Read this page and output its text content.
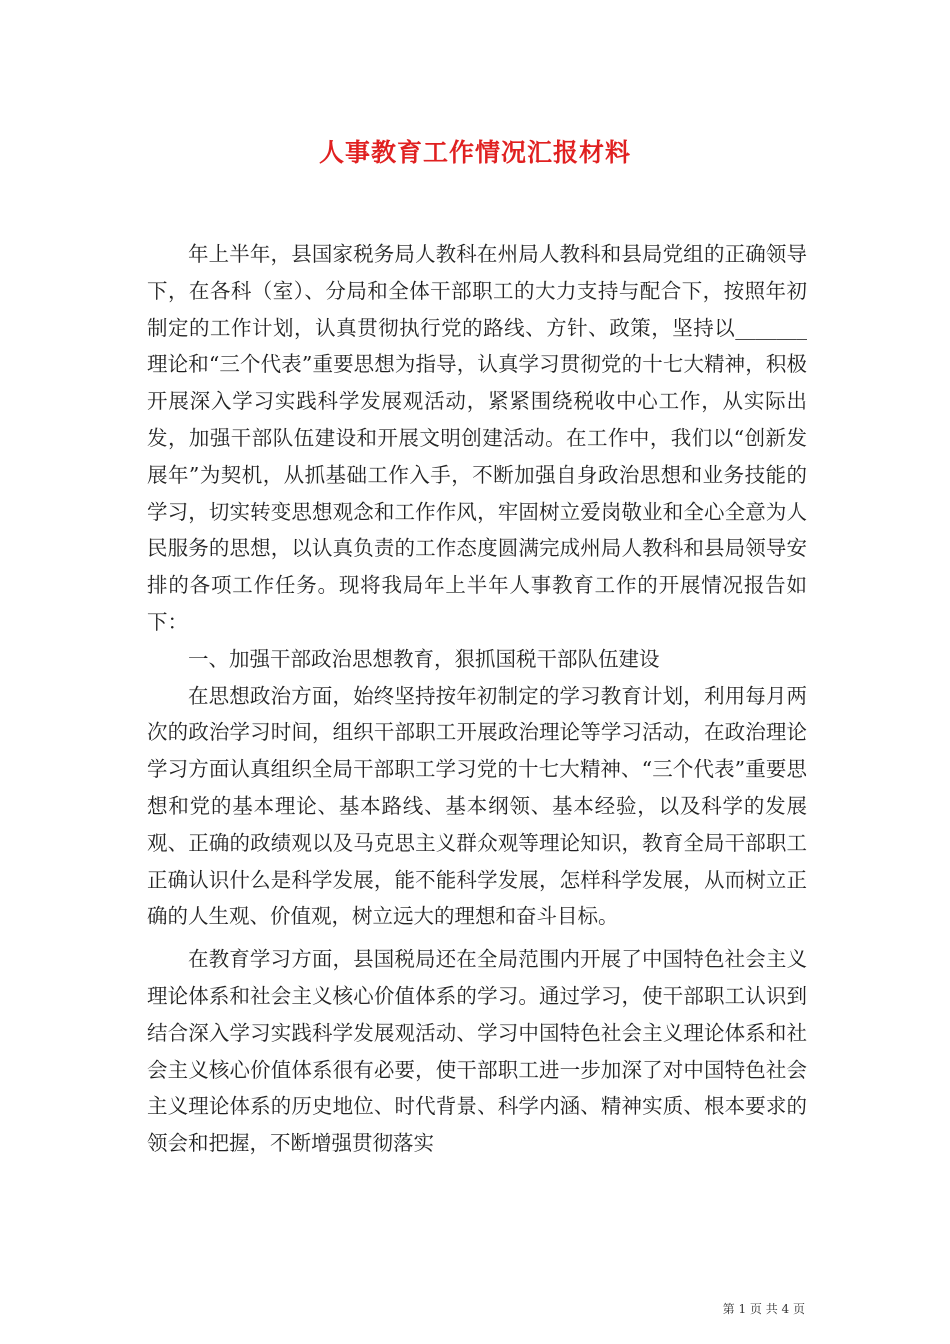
人事教育工作情况汇报材料

年上半年，县国家税务局人教科在州局人教科和县局党组的正确领导下，在各科（室）、分局和全体干部职工的大力支持与配合下，按照年初制定的工作计划，认真贯彻执行党的路线、方针、政策，坚持以_______理论和“三个代表”重要思想为指导，认真学习贯彻党的十七大精神，积极开展深入学习实践科学发展观活动，紧紧围绕税收中心工作，从实际出发，加强干部队伍建设和开展文明创建活动。在工作中，我们以“创新发展年”为契机，从抓基础工作入手，不断加强自身政治思想和业务技能的学习，切实转变思想观念和工作作风，牢固树立爱岗敬业和全心全意为人民服务的思想，以认真负责的工作态度圆满完成州局人教科和县局领导安排的各项工作任务。现将我局年上半年人事教育工作的开展情况报告如下：

一、加强干部政治思想教育，狠抓国税干部队伍建设

在思想政治方面，始终坚持按年初制定的学习教育计划，利用每月两次的政治学习时间，组织干部职工开展政治理论等学习活动，在政治理论学习方面认真组织全局干部职工学习党的十七大精神、“三个代表”重要思想和党的基本理论、基本路线、基本纲领、基本经验，以及科学的发展观、正确的政绩观以及马克思主义群众观等理论知识，教育全局干部职工正确认识什么是科学发展，能不能科学发展，怎样科学发展，从而树立正确的人生观、价值观，树立远大的理想和奋斗目标。

在教育学习方面，县国税局还在全局范围内开展了中国特色社会主义理论体系和社会主义核心价值体系的学习。通过学习，使干部职工认识到结合深入学习实践科学发展观活动、学习中国特色社会主义理论体系和社会主义核心价值体系很有必要，使干部职工进一步加深了对中国特色社会主义理论体系的历史地位、时代背景、科学内涵、精神实质、根本要求的领会和把握，不断增强贯彻落实

第 1 页 共 4 页
